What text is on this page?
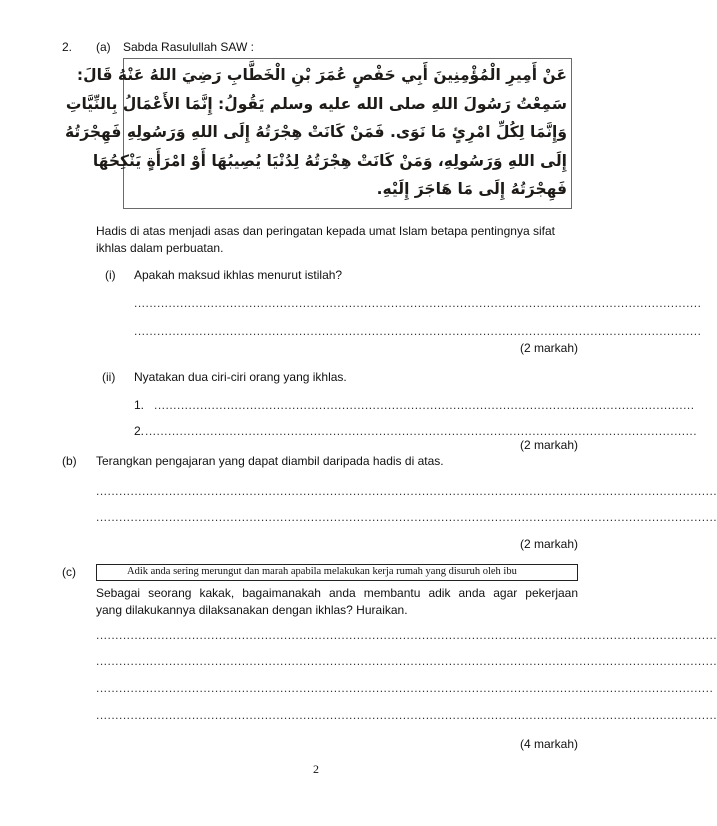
2. (a) Sabda Rasulullah SAW :
عَنْ أَمِيرِ الْمُؤْمِنِينَ أَبِي حَفْصٍ عُمَرَ بْنِ الْخَطَّابِ رَضِيَ اللهُ عَنْهُ قَالَ:
سَمِعْتُ رَسُولَ اللهِ صلى الله عليه وسلم يَقُولُ: إِنَّمَا الأَعْمَالُ بِالنِّيَّاتِ
وَإِنَّمَا لِكُلِّ امْرِئٍ مَا نَوَى. فَمَنْ كَانَتْ هِجْرَتُهُ إِلَى اللهِ وَرَسُولِهِ فَهِجْرَتُهُ
إِلَى اللهِ وَرَسُولِهِ، وَمَنْ كَانَتْ هِجْرَتُهُ لِدُنْيَا يُصِيبُهَا أَوْ امْرَأَةٍ يَنْكِحُهَا
فَهِجْرَتُهُ إِلَى مَا هَاجَرَ إِلَيْهِ.
Hadis di atas menjadi asas dan peringatan kepada umat Islam betapa pentingnya sifat
ikhlas dalam perbuatan.
(i) Apakah maksud ikhlas menurut istilah?
....................................................................................................................................................
....................................................................................................................................................
(2 markah)
(ii) Nyatakan dua ciri-ciri orang yang ikhlas.
1. .............................................................................................................................................
2. ................................................................................................................................................
(2 markah)
(b) Terangkan pengajaran yang dapat diambil daripada hadis di atas.
..................................................................................................................................................................
..................................................................................................................................................................
(2 markah)
(c)	Adik anda sering merungut dan marah apabila melakukan kerja rumah yang disuruh oleh ibu
Sebagai seorang kakak, bagaimanakah anda membantu adik anda agar pekerjaan
yang dilakukannya dilaksanakan dengan ikhlas? Huraikan.
..................................................................................................................................................................
..................................................................................................................................................................
.................................................................................................................................................................
..................................................................................................................................................................
(4 markah)
2
